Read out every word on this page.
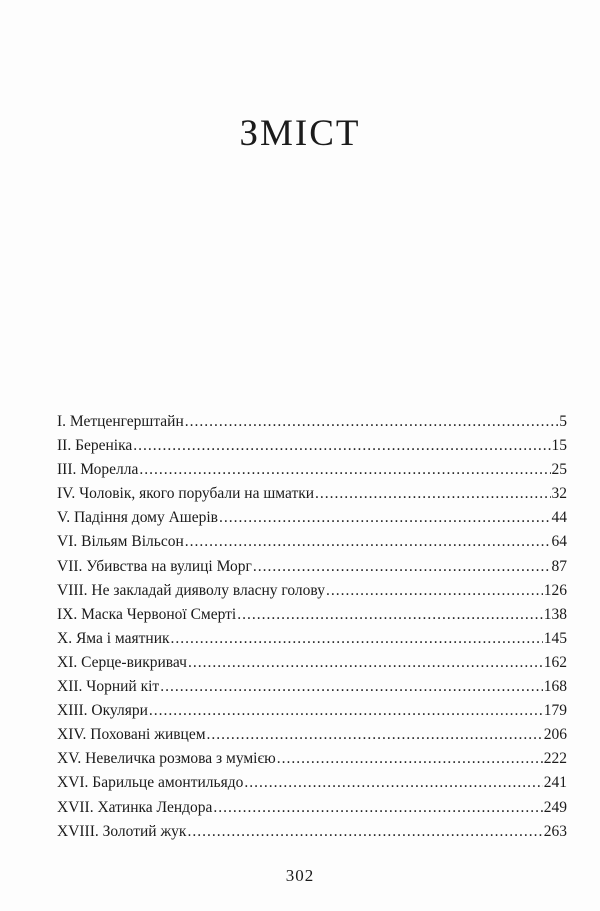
ЗМІСТ
I. Метценгерштайн .....	5
II. Береніка .....	15
III. Морелла .....	25
IV. Чоловік, якого порубали на шматки .....	32
V. Падіння дому Ашерів .....	44
VI. Вільям Вільсон .....	64
VII. Убивства на вулиці Морг .....	87
VIII. Не закладай дияволу власну голову .....	126
IX. Маска Червоної Смерті .....	138
X. Яма і маятник .....	145
XI. Серце-викривач .....	162
XII. Чорний кіт .....	168
XIII. Окуляри .....	179
XIV. Поховані живцем .....	206
XV. Невеличка розмова з мумією .....	222
XVI. Барильце амонтильядо .....	241
XVII. Хатинка Лендора .....	249
XVIII. Золотий жук .....	263
302
